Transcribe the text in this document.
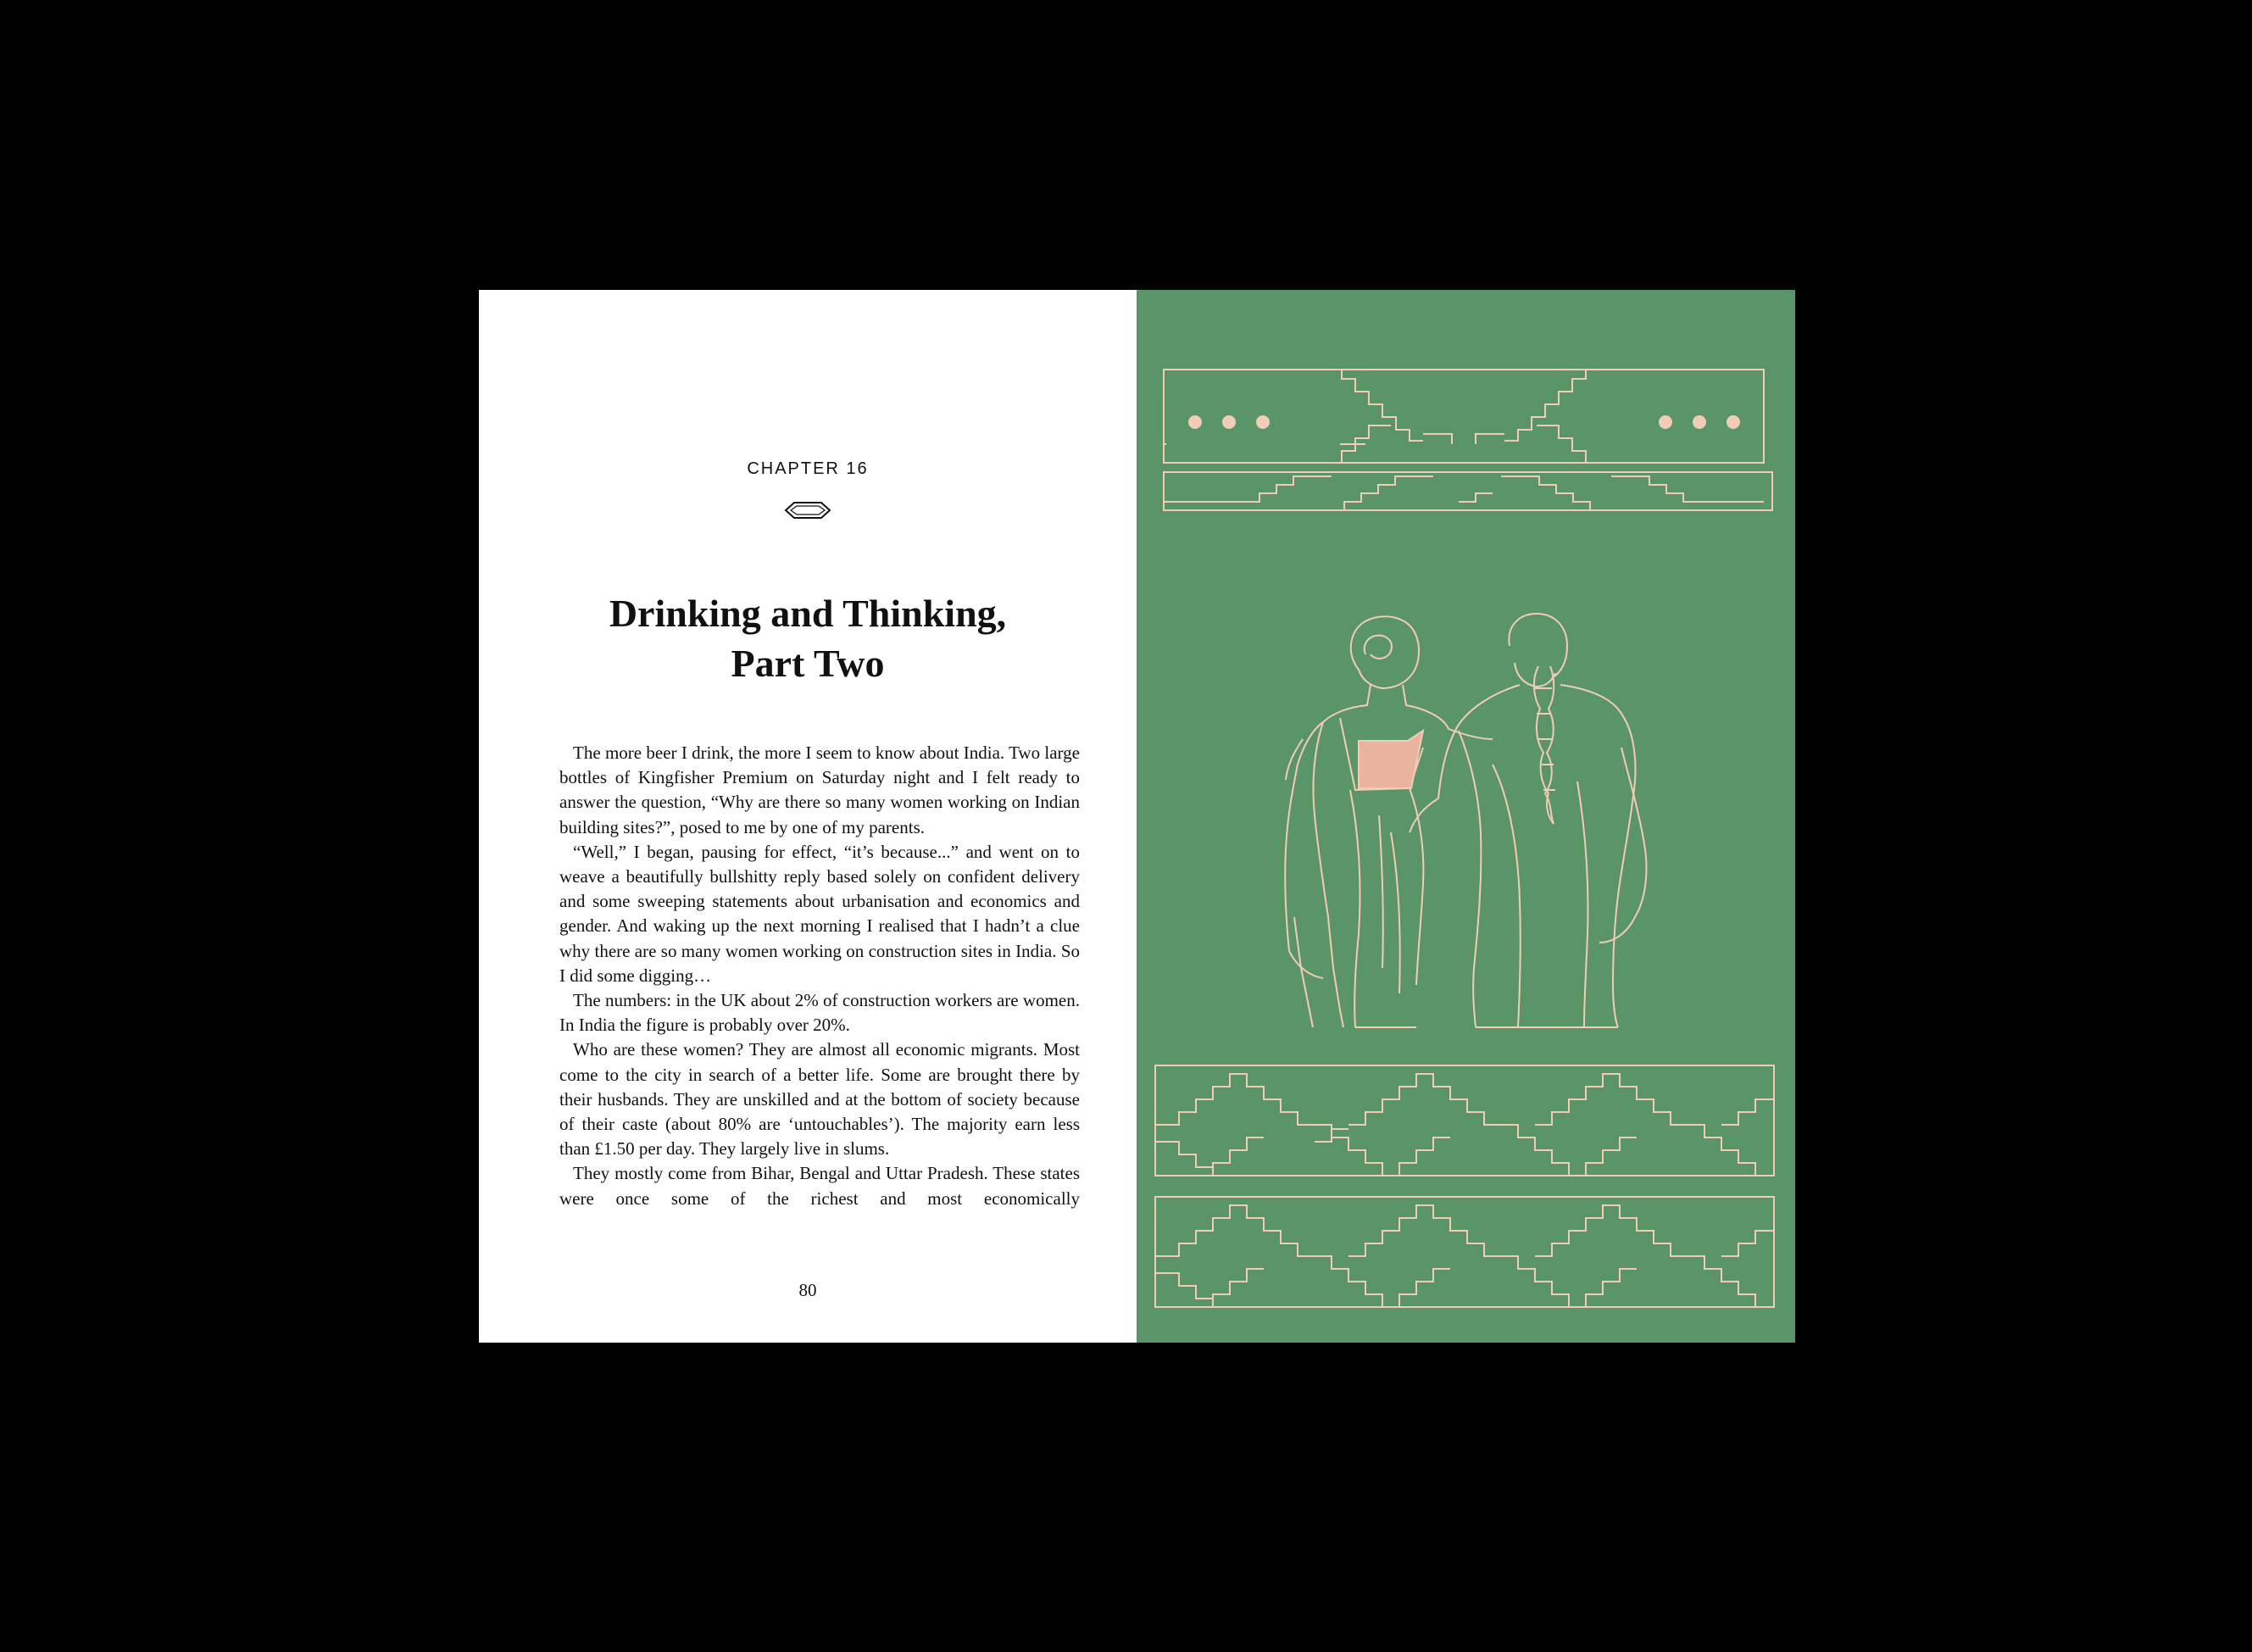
CHAPTER 16
Drinking and Thinking,
Part Two

The more beer I drink, the more I seem to know about India. Two large bottles of Kingfisher Premium on Saturday night and I felt ready to answer the question, “Why are there so many women working on Indian building sites?”, posed to me by one of my parents.

“Well,” I began, pausing for effect, “it’s because...” and went on to weave a beautifully bullshitty reply based solely on confident delivery and some sweeping statements about urbanisation and economics and gender. And waking up the next morning I realised that I hadn’t a clue why there are so many women working on construction sites in India. So I did some digging…

The numbers: in the UK about 2% of construction workers are women. In India the figure is probably over 20%.

Who are these women? They are almost all economic migrants. Most come to the city in search of a better life. Some are brought there by their husbands. They are unskilled and at the bottom of society because of their caste (about 80% are ‘untouchables’). The majority earn less than £1.50 per day. They largely live in slums.

They mostly come from Bihar, Bengal and Uttar Pradesh. These states were once some of the richest and most economically

80
